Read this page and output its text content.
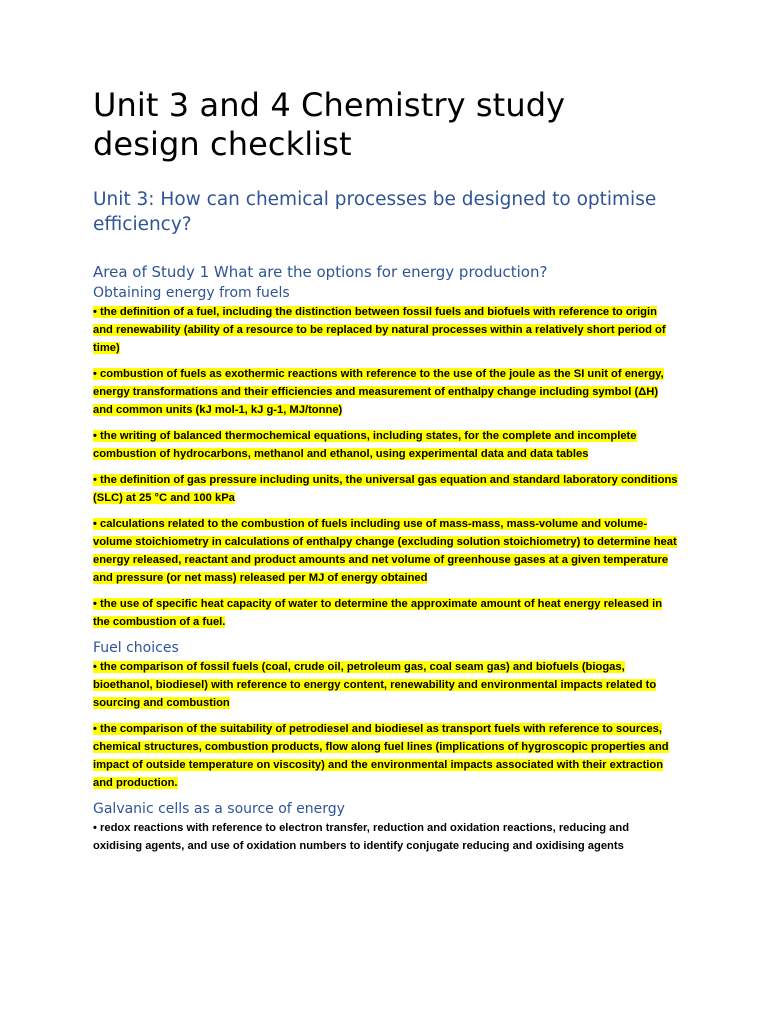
Unit 3 and 4 Chemistry study design checklist
Unit 3: How can chemical processes be designed to optimise efficiency?
Area of Study 1 What are the options for energy production?
Obtaining energy from fuels

• the definition of a fuel, including the distinction between fossil fuels and biofuels with reference to origin and renewability (ability of a resource to be replaced by natural processes within a relatively short period of time)

• combustion of fuels as exothermic reactions with reference to the use of the joule as the SI unit of energy, energy transformations and their efficiencies and measurement of enthalpy change including symbol (ΔH) and common units (kJ mol-1, kJ g-1, MJ/tonne)

• the writing of balanced thermochemical equations, including states, for the complete and incomplete combustion of hydrocarbons, methanol and ethanol, using experimental data and data tables

• the definition of gas pressure including units, the universal gas equation and standard laboratory conditions (SLC) at 25 °C and 100 kPa

• calculations related to the combustion of fuels including use of mass-mass, mass-volume and volume-volume stoichiometry in calculations of enthalpy change (excluding solution stoichiometry) to determine heat energy released, reactant and product amounts and net volume of greenhouse gases at a given temperature and pressure (or net mass) released per MJ of energy obtained

• the use of specific heat capacity of water to determine the approximate amount of heat energy released in the combustion of a fuel.

Fuel choices

• the comparison of fossil fuels (coal, crude oil, petroleum gas, coal seam gas) and biofuels (biogas, bioethanol, biodiesel) with reference to energy content, renewability and environmental impacts related to sourcing and combustion

• the comparison of the suitability of petrodiesel and biodiesel as transport fuels with reference to sources, chemical structures, combustion products, flow along fuel lines (implications of hygroscopic properties and impact of outside temperature on viscosity) and the environmental impacts associated with their extraction and production.

Galvanic cells as a source of energy

• redox reactions with reference to electron transfer, reduction and oxidation reactions, reducing and oxidising agents, and use of oxidation numbers to identify conjugate reducing and oxidising agents
